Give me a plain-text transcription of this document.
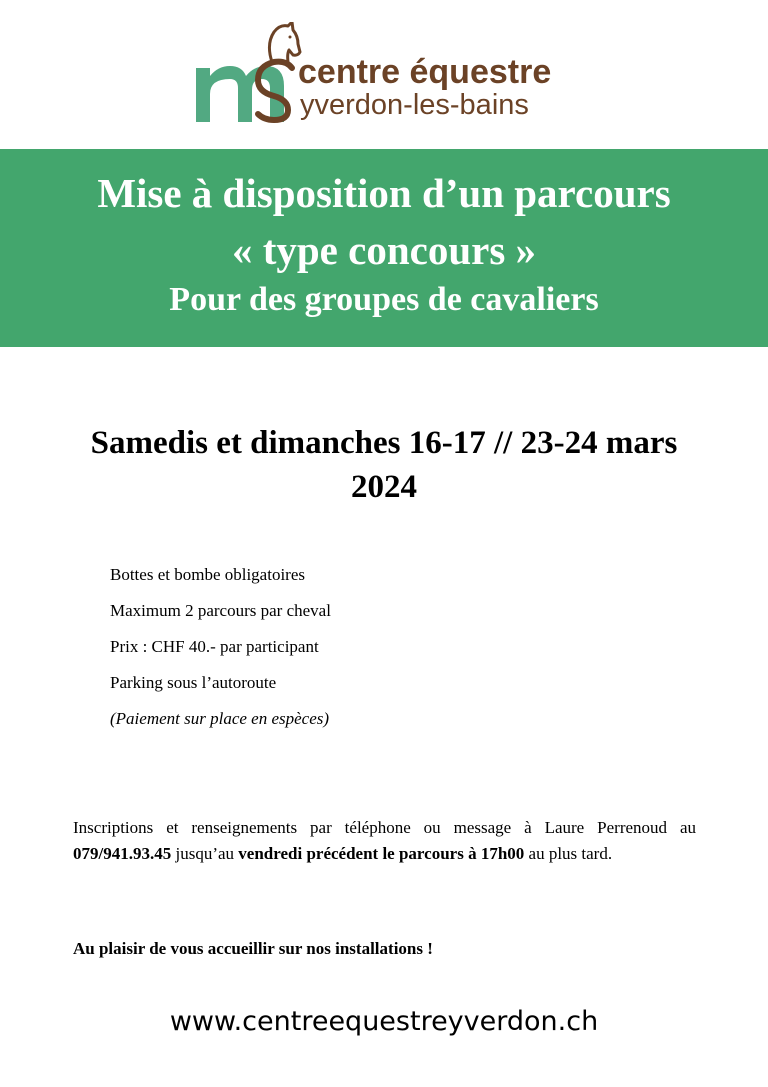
centre équestre
yverdon-les-bains
Mise à disposition d’un parcours
« type concours »
Pour des groupes de cavaliers
Samedis et dimanches 16-17 // 23-24 mars
2024
Bottes et bombe obligatoires
Maximum 2 parcours par cheval
Prix : CHF 40.- par participant
Parking sous l’autoroute
(Paiement sur place en espèces)
Inscriptions et renseignements par téléphone ou message à Laure Perrenoud au 079/941.93.45 jusqu’au vendredi précédent le parcours à 17h00 au plus tard.
Au plaisir de vous accueillir sur nos installations !
www.centreequestreyverdon.ch
